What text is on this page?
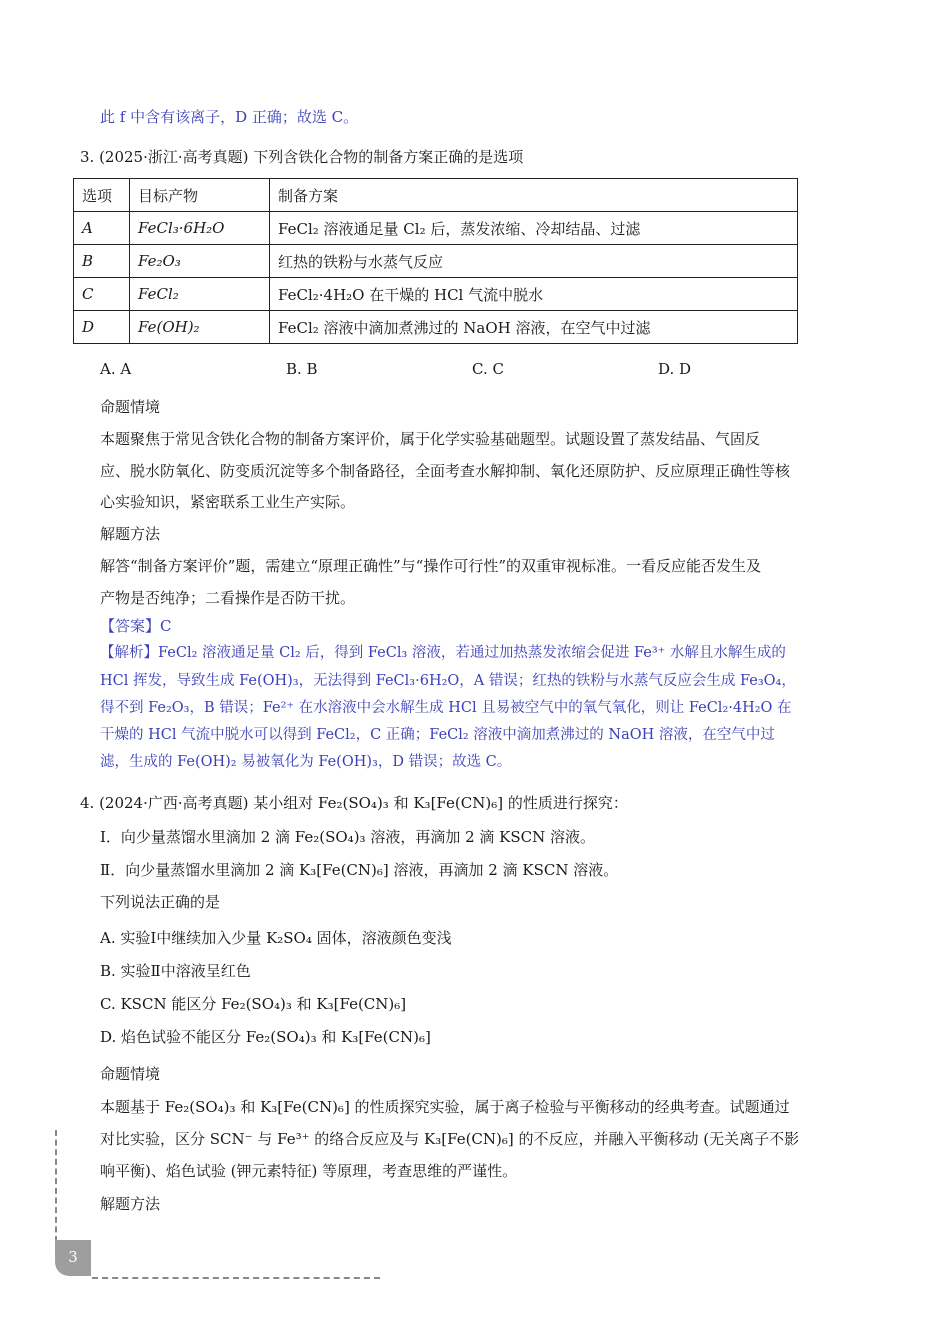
此 f 中含有该离子，D 正确；故选 C。
3. (2025·浙江·高考真题) 下列含铁化合物的制备方案正确的是选项
选项	目标产物	制备方案
A	FeCl₃·6H₂O	FeCl₂ 溶液通足量 Cl₂ 后，蒸发浓缩、冷却结晶、过滤
B	Fe₂O₃	红热的铁粉与水蒸气反应
C	FeCl₂	FeCl₂·4H₂O 在干燥的 HCl 气流中脱水
D	Fe(OH)₂	FeCl₂ 溶液中滴加煮沸过的 NaOH 溶液，在空气中过滤
A. A	B. B	C. C	D. D
命题情境
本题聚焦于常见含铁化合物的制备方案评价，属于化学实验基础题型。试题设置了蒸发结晶、气固反
应、脱水防氧化、防变质沉淀等多个制备路径，全面考查水解抑制、氧化还原防护、反应原理正确性等核
心实验知识，紧密联系工业生产实际。
解题方法
解答“制备方案评价”题，需建立“原理正确性”与“操作可行性”的双重审视标准。一看反应能否发生及
产物是否纯净；二看操作是否防干扰。
【答案】C
【解析】FeCl₂ 溶液通足量 Cl₂ 后，得到 FeCl₃ 溶液，若通过加热蒸发浓缩会促进 Fe³⁺ 水解且水解生成的
HCl 挥发，导致生成 Fe(OH)₃，无法得到 FeCl₃·6H₂O，A 错误；红热的铁粉与水蒸气反应会生成 Fe₃O₄，
得不到 Fe₂O₃，B 错误；Fe²⁺ 在水溶液中会水解生成 HCl 且易被空气中的氧气氧化，则让 FeCl₂·4H₂O 在
干燥的 HCl 气流中脱水可以得到 FeCl₂，C 正确；FeCl₂ 溶液中滴加煮沸过的 NaOH 溶液，在空气中过
滤，生成的 Fe(OH)₂ 易被氧化为 Fe(OH)₃，D 错误；故选 C。
4. (2024·广西·高考真题) 某小组对 Fe₂(SO₄)₃ 和 K₃[Fe(CN)₆] 的性质进行探究：
Ⅰ．向少量蒸馏水里滴加 2 滴 Fe₂(SO₄)₃ 溶液，再滴加 2 滴 KSCN 溶液。
Ⅱ．向少量蒸馏水里滴加 2 滴 K₃[Fe(CN)₆] 溶液，再滴加 2 滴 KSCN 溶液。
下列说法正确的是
A. 实验Ⅰ中继续加入少量 K₂SO₄ 固体，溶液颜色变浅
B. 实验Ⅱ中溶液呈红色
C. KSCN 能区分 Fe₂(SO₄)₃ 和 K₃[Fe(CN)₆]
D. 焰色试验不能区分 Fe₂(SO₄)₃ 和 K₃[Fe(CN)₆]
命题情境
本题基于 Fe₂(SO₄)₃ 和 K₃[Fe(CN)₆] 的性质探究实验，属于离子检验与平衡移动的经典考查。试题通过
对比实验，区分 SCN⁻ 与 Fe³⁺ 的络合反应及与 K₃[Fe(CN)₆] 的不反应，并融入平衡移动 (无关离子不影
响平衡)、焰色试验 (钾元素特征) 等原理，考查思维的严谨性。
解题方法
3
